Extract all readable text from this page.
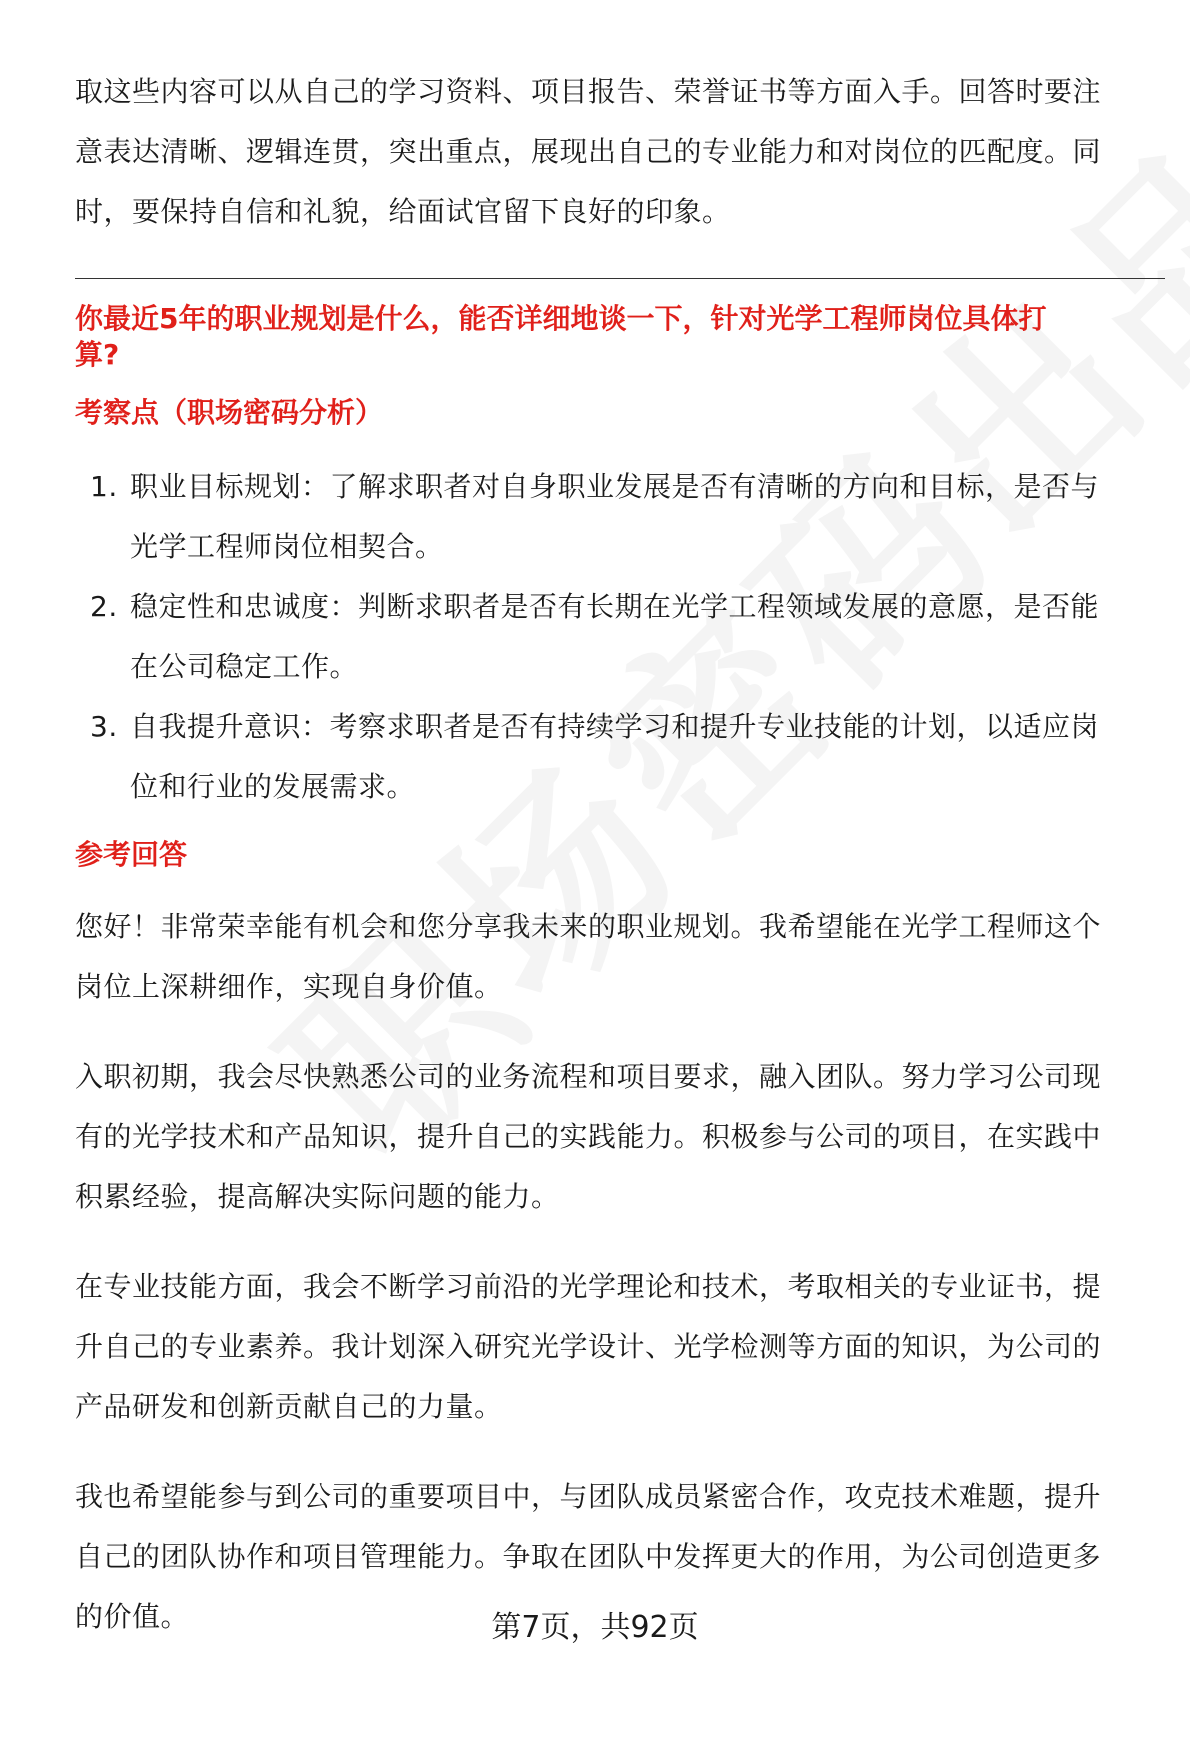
取这些内容可以从自己的学习资料、项目报告、荣誉证书等方面入手。回答时要注

意表达清晰、逻辑连贯，突出重点，展现出自己的专业能力和对岗位的匹配度。同

时，要保持自信和礼貌，给面试官留下良好的印象。

你最近5年的职业规划是什么，能否详细地谈一下，针对光学工程师岗位具体打
算?
考察点（职场密码分析）
1. 职业目标规划：了解求职者对自身职业发展是否有清晰的方向和目标，是否与
光学工程师岗位相契合。
2. 稳定性和忠诚度：判断求职者是否有长期在光学工程领域发展的意愿，是否能
在公司稳定工作。
3. 自我提升意识：考察求职者是否有持续学习和提升专业技能的计划，以适应岗
位和行业的发展需求。
参考回答

您好！非常荣幸能有机会和您分享我未来的职业规划。我希望能在光学工程师这个

岗位上深耕细作，实现自身价值。

入职初期，我会尽快熟悉公司的业务流程和项目要求，融入团队。努力学习公司现

有的光学技术和产品知识，提升自己的实践能力。积极参与公司的项目，在实践中

积累经验，提高解决实际问题的能力。

在专业技能方面，我会不断学习前沿的光学理论和技术，考取相关的专业证书，提

升自己的专业素养。我计划深入研究光学设计、光学检测等方面的知识，为公司的

产品研发和创新贡献自己的力量。

我也希望能参与到公司的重要项目中，与团队成员紧密合作，攻克技术难题，提升

自己的团队协作和项目管理能力。争取在团队中发挥更大的作用，为公司创造更多

的价值。	第7页，共92页
